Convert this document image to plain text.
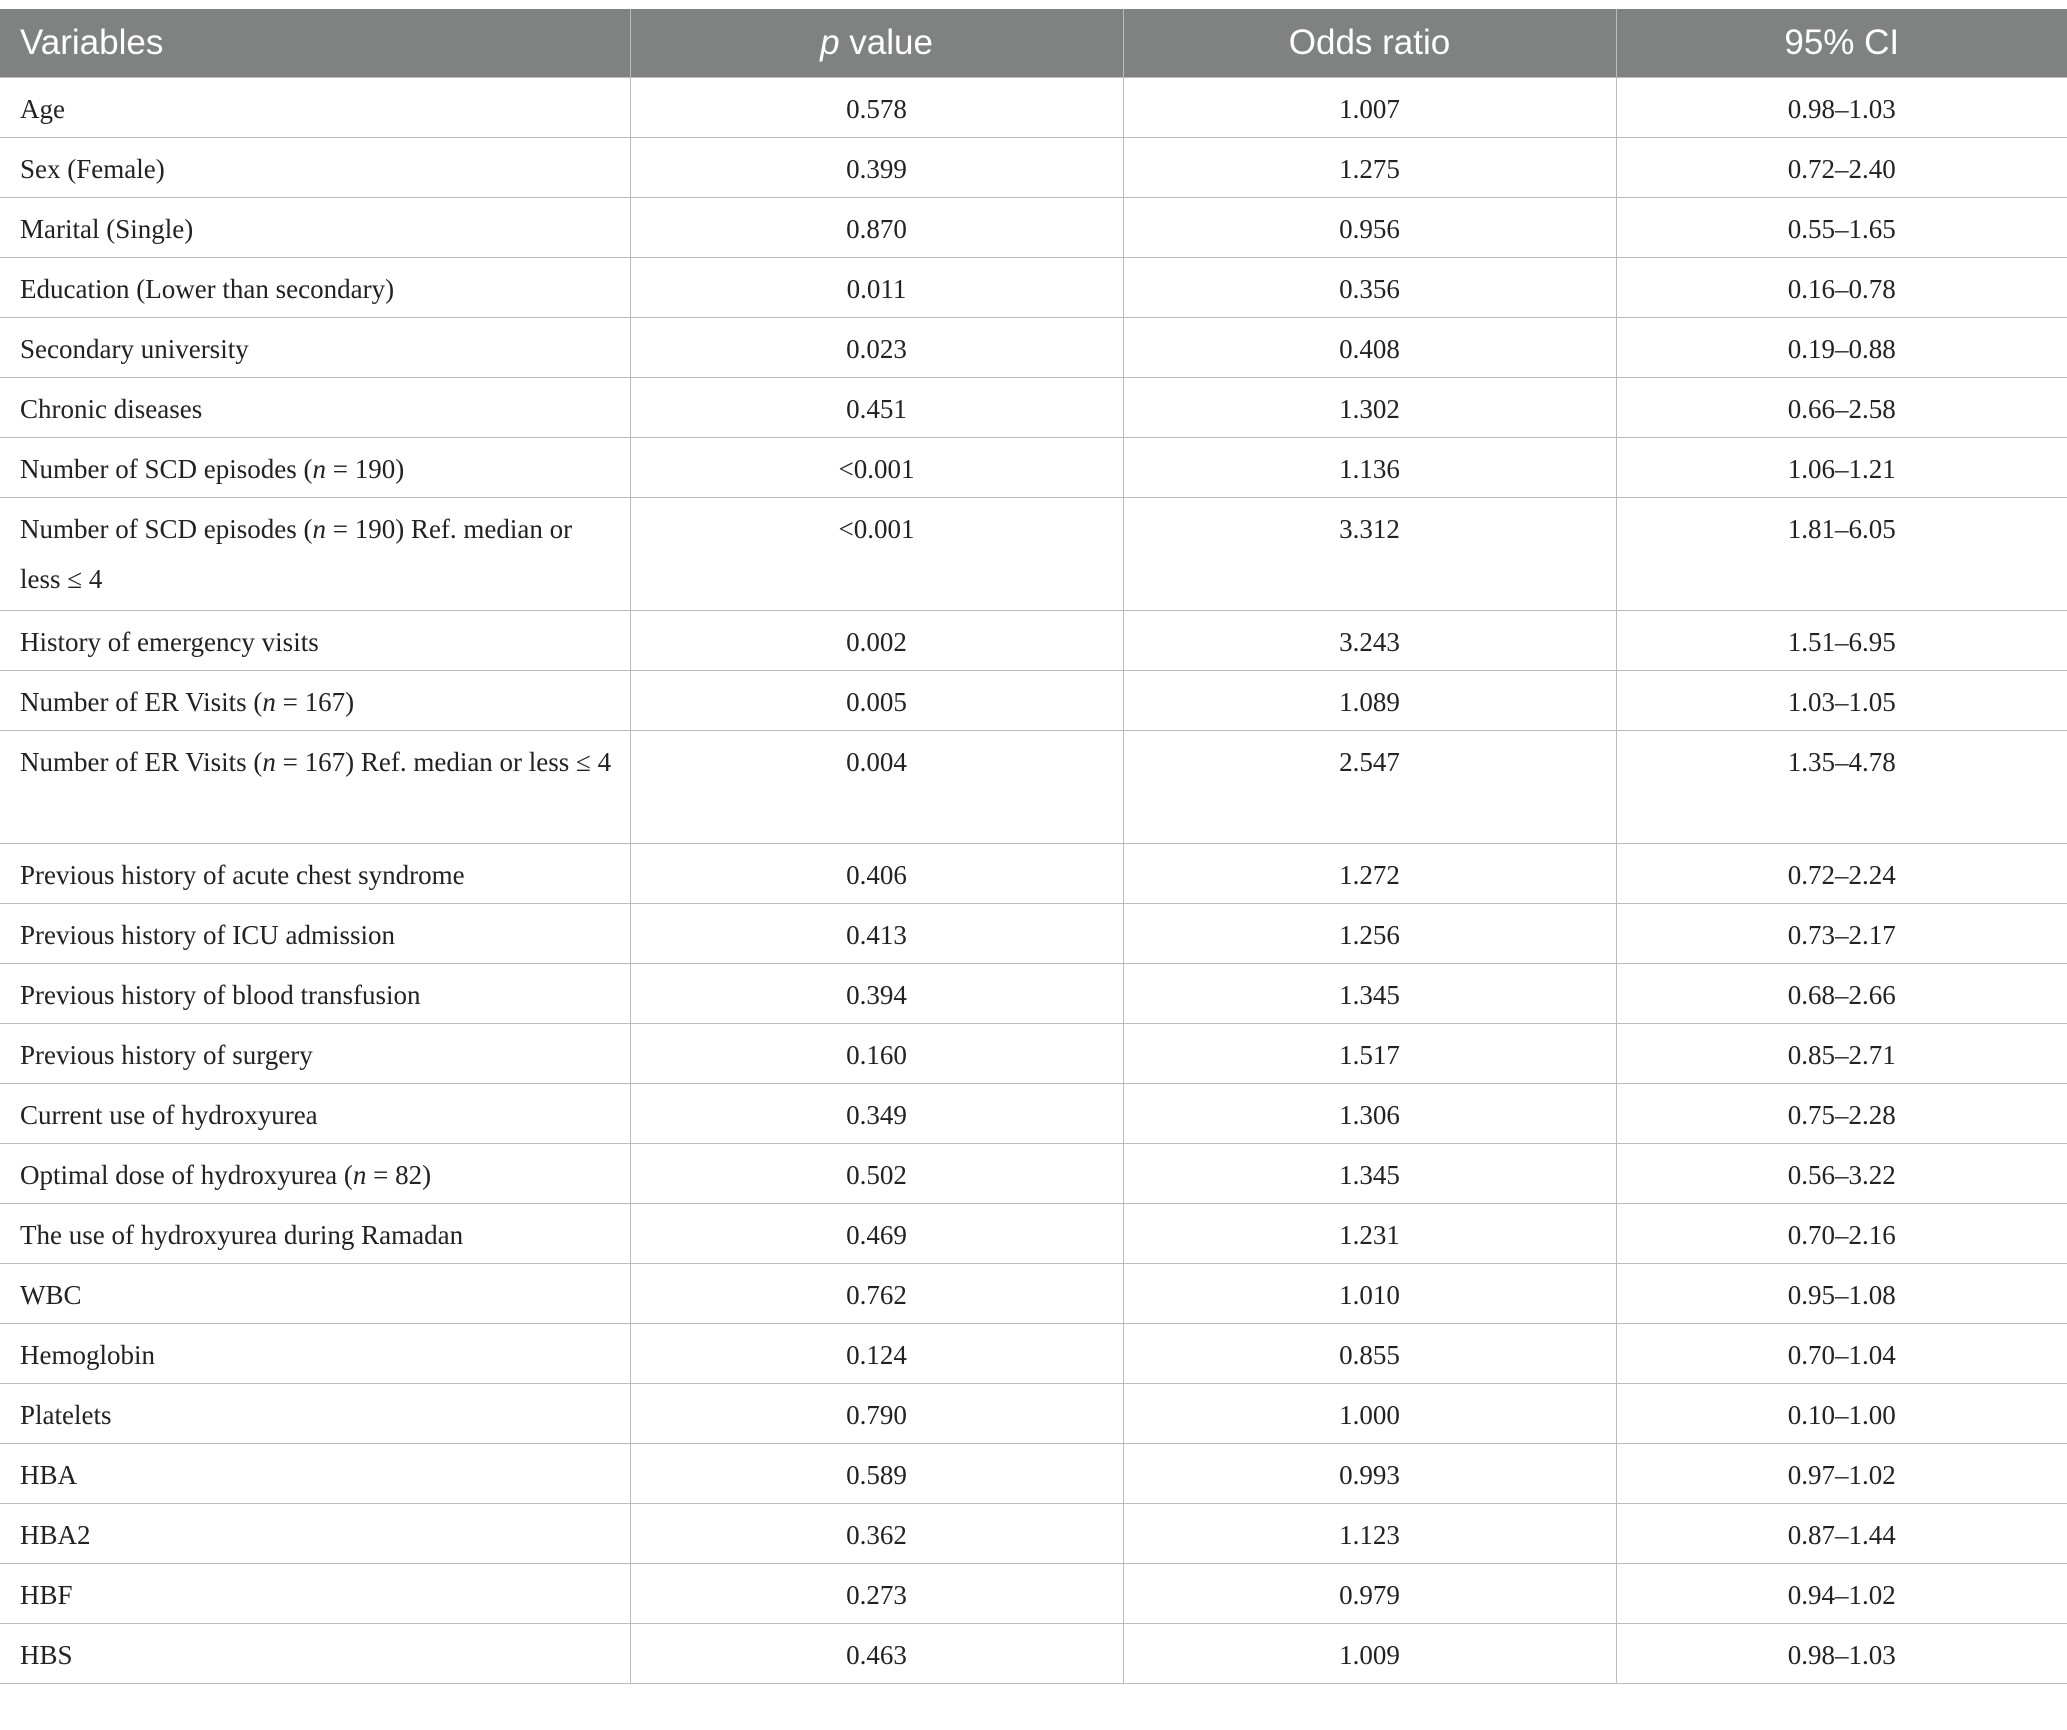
Variables	p value	Odds ratio	95% CI
Age	0.578	1.007	0.98–1.03
Sex (Female)	0.399	1.275	0.72–2.40
Marital (Single)	0.870	0.956	0.55–1.65
Education (Lower than secondary)	0.011	0.356	0.16–0.78
Secondary university	0.023	0.408	0.19–0.88
Chronic diseases	0.451	1.302	0.66–2.58
Number of SCD episodes (n = 190)	<0.001	1.136	1.06–1.21
Number of SCD episodes (n = 190) Ref. median or less ≤ 4	<0.001	3.312	1.81–6.05
History of emergency visits	0.002	3.243	1.51–6.95
Number of ER Visits (n = 167)	0.005	1.089	1.03–1.05
Number of ER Visits (n = 167) Ref. median or less ≤ 4	0.004	2.547	1.35–4.78
Previous history of acute chest syndrome	0.406	1.272	0.72–2.24
Previous history of ICU admission	0.413	1.256	0.73–2.17
Previous history of blood transfusion	0.394	1.345	0.68–2.66
Previous history of surgery	0.160	1.517	0.85–2.71
Current use of hydroxyurea	0.349	1.306	0.75–2.28
Optimal dose of hydroxyurea (n = 82)	0.502	1.345	0.56–3.22
The use of hydroxyurea during Ramadan	0.469	1.231	0.70–2.16
WBC	0.762	1.010	0.95–1.08
Hemoglobin	0.124	0.855	0.70–1.04
Platelets	0.790	1.000	0.10–1.00
HBA	0.589	0.993	0.97–1.02
HBA2	0.362	1.123	0.87–1.44
HBF	0.273	0.979	0.94–1.02
HBS	0.463	1.009	0.98–1.03
